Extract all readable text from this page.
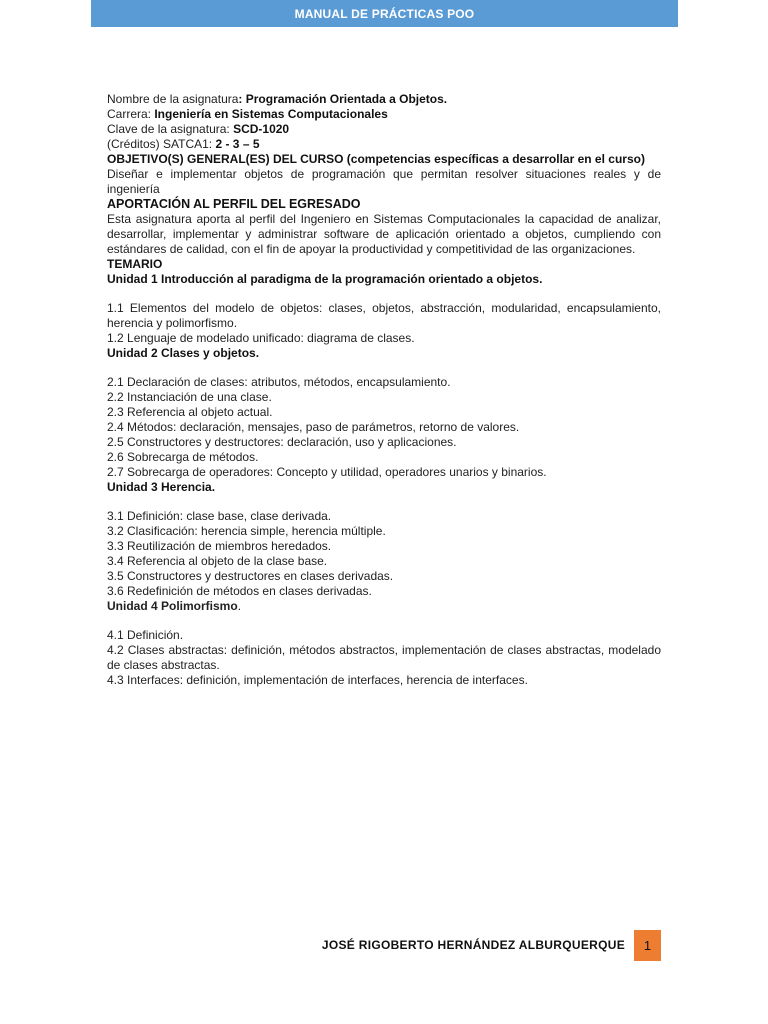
MANUAL DE PRÁCTICAS POO

Nombre de la asignatura: Programación Orientada a Objetos.

Carrera: Ingeniería en Sistemas Computacionales

Clave de la asignatura: SCD-1020

(Créditos) SATCA1: 2 - 3 – 5

OBJETIVO(S) GENERAL(ES) DEL CURSO (competencias específicas a desarrollar en el curso)

Diseñar e implementar objetos de programación que permitan resolver situaciones reales y de ingeniería

APORTACIÓN AL PERFIL DEL EGRESADO

Esta asignatura aporta al perfil del Ingeniero en Sistemas Computacionales la capacidad de analizar, desarrollar, implementar y administrar software de aplicación orientado a objetos, cumpliendo con estándares de calidad, con el fin de apoyar la productividad y competitividad de las organizaciones.

TEMARIO

Unidad 1 Introducción al paradigma de la programación orientado a objetos.

1.1 Elementos del modelo de objetos: clases, objetos, abstracción, modularidad, encapsulamiento, herencia y polimorfismo.
1.2 Lenguaje de modelado unificado: diagrama de clases.

Unidad 2 Clases y objetos.

2.1 Declaración de clases: atributos, métodos, encapsulamiento.
2.2 Instanciación de una clase.
2.3 Referencia al objeto actual.
2.4 Métodos: declaración, mensajes, paso de parámetros, retorno de valores.
2.5 Constructores y destructores: declaración, uso y aplicaciones.
2.6 Sobrecarga de métodos.
2.7 Sobrecarga de operadores: Concepto y utilidad, operadores unarios y binarios.

Unidad 3 Herencia.

3.1 Definición: clase base, clase derivada.
3.2 Clasificación: herencia simple, herencia múltiple.
3.3 Reutilización de miembros heredados.
3.4 Referencia al objeto de la clase base.
3.5 Constructores y destructores en clases derivadas.
3.6 Redefinición de métodos en clases derivadas.

Unidad 4 Polimorfismo.

4.1 Definición.
4.2 Clases abstractas: definición, métodos abstractos, implementación de clases abstractas, modelado de clases abstractas.
4.3 Interfaces: definición, implementación de interfaces, herencia de interfaces.
JOSÉ RIGOBERTO HERNÁNDEZ ALBURQUERQUE 1
